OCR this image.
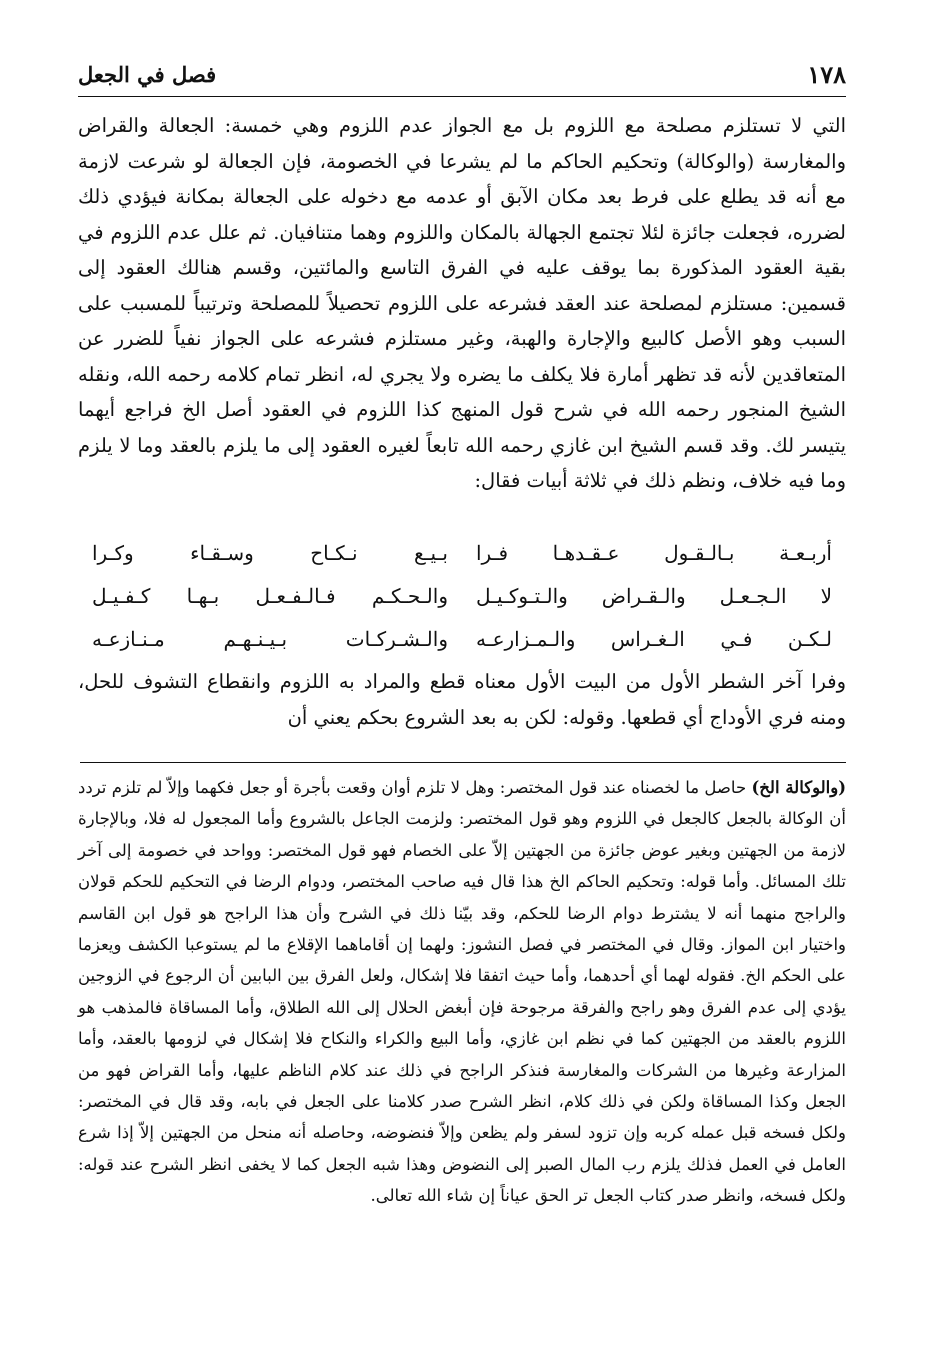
١٧٨
فصل في الجعل

التي لا تستلزم مصلحة مع اللزوم بل مع الجواز عدم اللزوم وهي خمسة: الجعالة والقراض والمغارسة (والوكالة) وتحكيم الحاكم ما لم يشرعا في الخصومة، فإن الجعالة لو شرعت لازمة مع أنه قد يطلع على فرط بعد مكان الآبق أو عدمه مع دخوله على الجعالة بمكانة فيؤدي ذلك لضرره، فجعلت جائزة لئلا تجتمع الجهالة بالمكان واللزوم وهما متنافيان. ثم علل عدم اللزوم في بقية العقود المذكورة بما يوقف عليه في الفرق التاسع والمائتين، وقسم هنالك العقود إلى قسمين: مستلزم لمصلحة عند العقد فشرعه على اللزوم تحصيلاً للمصلحة وترتيباً للمسبب على السبب وهو الأصل كالبيع والإجارة والهبة، وغير مستلزم فشرعه على الجواز نفياً للضرر عن المتعاقدين لأنه قد تظهر أمارة فلا يكلف ما يضره ولا يجري له، انظر تمام كلامه رحمه الله، ونقله الشيخ المنجور رحمه الله في شرح قول المنهج كذا اللزوم في العقود أصل الخ فراجع أيهما يتيسر لك. وقد قسم الشيخ ابن غازي رحمه الله تابعاً لغيره العقود إلى ما يلزم بالعقد وما لا يلزم وما فيه خلاف، ونظم ذلك في ثلاثة أبيات فقال:

أربـعـة بـالـقـول عـقـدهـا فـرا
بـيـع نـكـاح وسـقـاء وكـرا
لا الـجـعـل والـقـراض والـتـوكـيـل
والـحـكـم فـالـفـعـل بـهـا كـفـيـل
لـكـن فـي الـغـراس والـمـزارعـه
والـشـركـات بـيـنـهـم مـنـازعـه

وفرا آخر الشطر الأول من البيت الأول معناه قطع والمراد به اللزوم وانقطاع التشوف للحل، ومنه فري الأوداج أي قطعها. وقوله: لكن به بعد الشروع بحكم يعني أن

(والوكالة الخ) حاصل ما لخصناه عند قول المختصر: وهل لا تلزم أوان وقعت بأجرة أو جعل فكهما وإلاّ لم تلزم تردد أن الوكالة بالجعل كالجعل في اللزوم وهو قول المختصر: ولزمت الجاعل بالشروع وأما المجعول له فلا، وبالإجارة لازمة من الجهتين وبغير عوض جائزة من الجهتين إلاّ على الخصام فهو قول المختصر: وواحد في خصومة إلى آخر تلك المسائل. وأما قوله: وتحكيم الحاكم الخ هذا قال فيه صاحب المختصر، ودوام الرضا في التحكيم للحكم قولان والراجح منهما أنه لا يشترط دوام الرضا للحكم، وقد بيّنا ذلك في الشرح وأن هذا الراجح هو قول ابن القاسم واختيار ابن المواز. وقال في المختصر في فصل النشوز: ولهما إن أقاماهما الإقلاع ما لم يستوعبا الكشف ويعزما على الحكم الخ. فقوله لهما أي أحدهما، وأما حيث اتفقا فلا إشكال، ولعل الفرق بين البابين أن الرجوع في الزوجين يؤدي إلى عدم الفرق وهو راجح والفرقة مرجوحة فإن أبغض الحلال إلى الله الطلاق، وأما المساقاة فالمذهب هو اللزوم بالعقد من الجهتين كما في نظم ابن غازي، وأما البيع والكراء والنكاح فلا إشكال في لزومها بالعقد، وأما المزارعة وغيرها من الشركات والمغارسة فنذكر الراجح في ذلك عند كلام الناظم عليها، وأما القراض فهو من الجعل وكذا المساقاة ولكن في ذلك كلام، انظر الشرح صدر كلامنا على الجعل في بابه، وقد قال في المختصر: ولكل فسخه قبل عمله كربه وإن تزود لسفر ولم يظعن وإلاّ فنضوضه، وحاصله أنه منحل من الجهتين إلاّ إذا شرع العامل في العمل فذلك يلزم رب المال الصبر إلى النضوض وهذا شبه الجعل كما لا يخفى انظر الشرح عند قوله: ولكل فسخه، وانظر صدر كتاب الجعل تر الحق عياناً إن شاء الله تعالى.
